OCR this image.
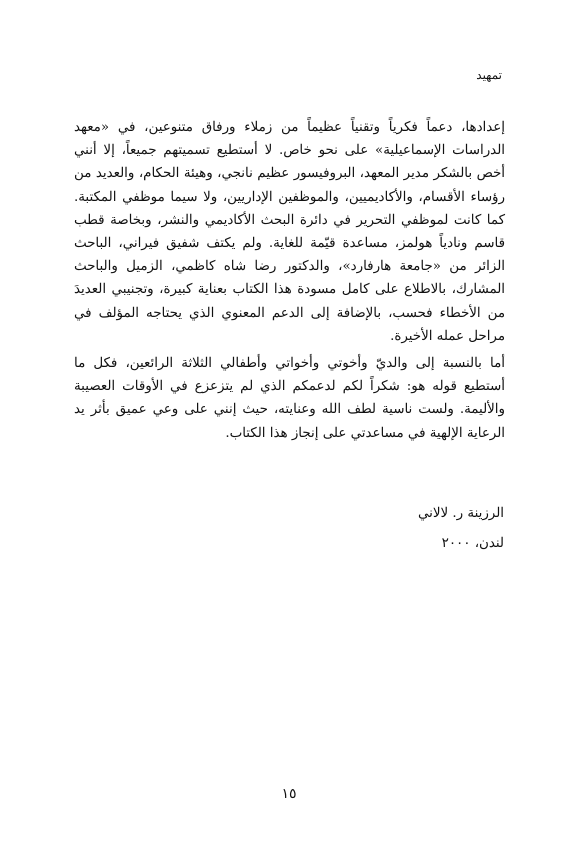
تمهيد

إعدادها، دعماً فكرياً وتقنياً عظيماً من زملاء ورفاق متنوعين، في «معهد الدراسات الإسماعيلية» على نحو خاص. لا أستطيع تسميتهم جميعاً، إلا أنني أخص بالشكر مدير المعهد، البروفيسور عظيم نانجي، وهيئة الحكام، والعديد من رؤساء الأقسام، والأكاديميين، والموظفين الإداريين، ولا سيما موظفي المكتبة. كما كانت لموظفي التحرير في دائرة البحث الأكاديمي والنشر، وبخاصة قطب قاسم ونادياً هولمز، مساعدة قيّمة للغاية. ولم يكتف شفيق فيراني، الباحث الزائر من «جامعة هارفارد»، والدكتور رضا شاه كاظمي، الزميل والباحث المشارك، بالاطلاع على كامل مسودة هذا الكتاب بعناية كبيرة، وتجنيبي العديدَ من الأخطاء فحسب، بالإضافة إلى الدعم المعنوي الذي يحتاجه المؤلف في مراحل عمله الأخيرة.

أما بالنسبة إلى والديّ وأخوتي وأخواتي وأطفالي الثلاثة الرائعين، فكل ما أستطيع قوله هو: شكراً لكم لدعمكم الذي لم يتزعزع في الأوقات العصيبة والأليمة. ولست ناسية لطف الله وعنايته، حيث إنني على وعي عميق بأثر يد الرعاية الإلهية في مساعدتي على إنجاز هذا الكتاب.

الرزينة ر. لالاني
لندن، ٢٠٠٠
١٥
